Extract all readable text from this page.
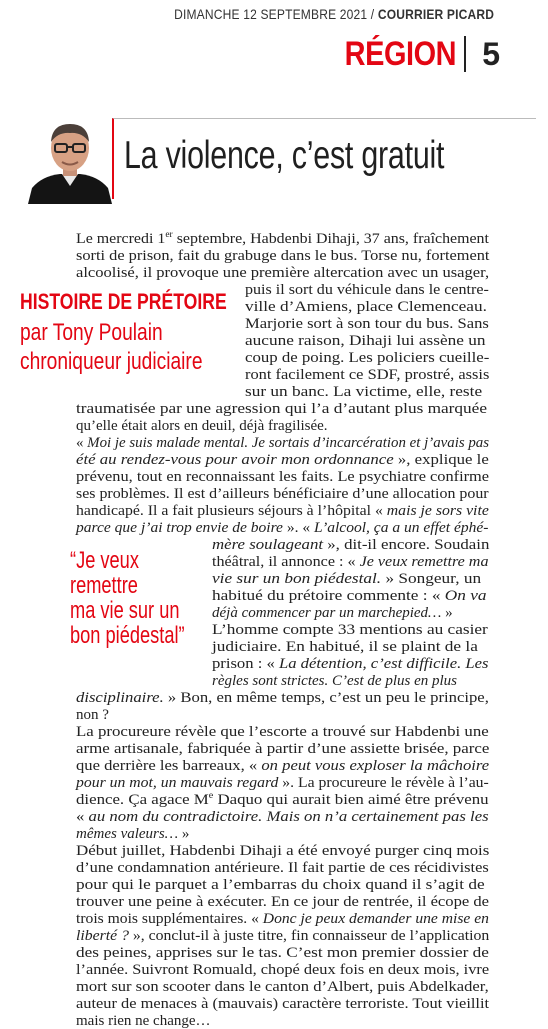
DIMANCHE 12 SEPTEMBRE 2021 / COURRIER PICARD
RÉGION 5
La violence, c’est gratuit
HISTOIRE DE PRÉTOIRE
par Tony Poulain
chroniqueur judiciaire
“Je veux
remettre
ma vie sur un
bon piédestal”
Le mercredi 1er septembre, Habdenbi Dihaji, 37 ans, fraîchement
sorti de prison, fait du grabuge dans le bus. Torse nu, fortement
alcoolisé, il provoque une première altercation avec un usager,
puis il sort du véhicule dans le centre-
ville d’Amiens, place Clemenceau.
Marjorie sort à son tour du bus. Sans
aucune raison, Dihaji lui assène un
coup de poing. Les policiers cueille-
ront facilement ce SDF, prostré, assis
sur un banc. La victime, elle, reste
traumatisée par une agression qui l’a d’autant plus marquée
qu’elle était alors en deuil, déjà fragilisée.
« Moi je suis malade mental. Je sortais d’incarcération et j’avais pas
été au rendez-vous pour avoir mon ordonnance », explique le
prévenu, tout en reconnaissant les faits. Le psychiatre confirme
ses problèmes. Il est d’ailleurs bénéficiaire d’une allocation pour
handicapé. Il a fait plusieurs séjours à l’hôpital « mais je sors vite
parce que j’ai trop envie de boire ». « L’alcool, ça a un effet éphé-
mère soulageant », dit-il encore. Soudain
théâtral, il annonce : « Je veux remettre ma
vie sur un bon piédestal. » Songeur, un
habitué du prétoire commente : « On va
déjà commencer par un marchepied… »
L’homme compte 33 mentions au casier
judiciaire. En habitué, il se plaint de la
prison : « La détention, c’est difficile. Les
règles sont strictes. C’est de plus en plus
disciplinaire. » Bon, en même temps, c’est un peu le principe,
non ?
La procureure révèle que l’escorte a trouvé sur Habdenbi une
arme artisanale, fabriquée à partir d’une assiette brisée, parce
que derrière les barreaux, « on peut vous exploser la mâchoire
pour un mot, un mauvais regard ». La procureure le révèle à l’au-
dience. Ça agace Me Daquo qui aurait bien aimé être prévenu
« au nom du contradictoire. Mais on n’a certainement pas les
mêmes valeurs… »
Début juillet, Habdenbi Dihaji a été envoyé purger cinq mois
d’une condamnation antérieure. Il fait partie de ces récidivistes
pour qui le parquet a l’embarras du choix quand il s’agit de
trouver une peine à exécuter. En ce jour de rentrée, il écope de
trois mois supplémentaires. « Donc je peux demander une mise en
liberté ? », conclut-il à juste titre, fin connaisseur de l’application
des peines, apprises sur le tas. C’est mon premier dossier de
l’année. Suivront Romuald, chopé deux fois en deux mois, ivre
mort sur son scooter dans le canton d’Albert, puis Abdelkader,
auteur de menaces à (mauvais) caractère terroriste. Tout vieillit
mais rien ne change…
